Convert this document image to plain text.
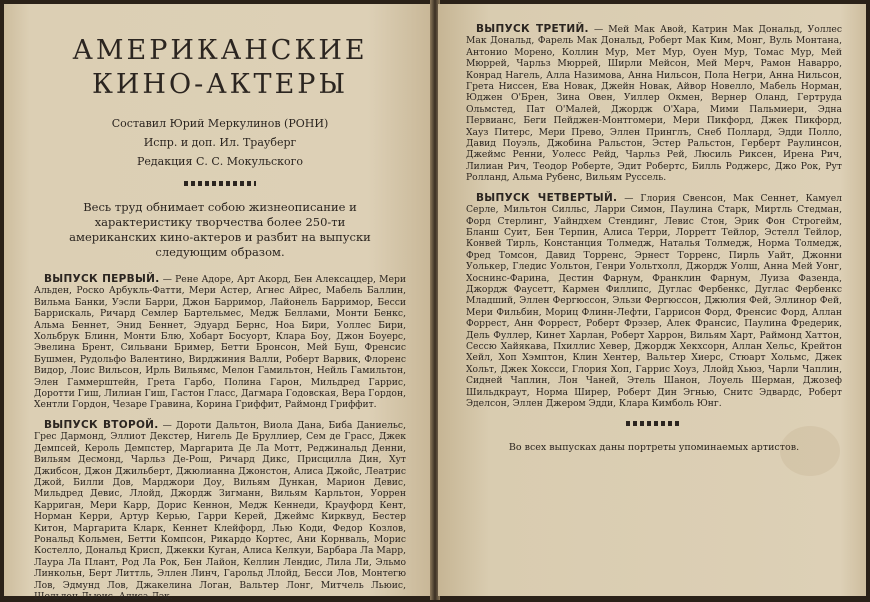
АМЕРИКАНСКИЕ
КИНО-АКТЕРЫ
Составил Юрий Меркулинов (РОНИ)
Испр. и доп. Ил. Трауберг
Редакция С. С. Мокульского
Весь труд обнимает собою жизнеописание и характеристику творчества более 250-ти американских кино-актеров и разбит на выпуски следующим образом.

ВЫПУСК ПЕРВЫЙ. — Рене Адоре, Арт Акорд, Бен Алексацдер, Мери Альден, Роско Арбукль-Фатти, Мери Астер, Агнес Айрес, Мабель Баллин, Вильма Банки, Уэсли Барри, Джон Барримор, Лайонель Барримор, Бесси Баррискаль, Ричард Семлер Бартельмес, Медж Беллами, Монти Бенкс, Альма Беннет, Энид Беннет, Эдуард Бернс, Ноа Бири, Уоллес Бири, Хольбрук Блинн, Монти Блю, Хобарт Босуорт, Клара Боу, Джон Боуерс, Эвелина Брент, Сильвани Бример, Бетти Бронсон, Мей Буш, Френсис Бушмен, Рудольфо Валентино, Вирджиния Валли, Роберт Варвик, Флоренс Видор, Лоис Вильсон, Ирль Вильямс, Мелон Гамильтон, Нейль Гамильтон, Элен Гаммерштейн, Грета Гарбо, Полина Гарон, Мильдред Гаррис, Доротти Гиш, Лилиан Гиш, Гастон Гласс, Дагмара Годовская, Вера Гордон, Хентли Гордон, Чезаре Гравина, Корина Гриффит, Раймонд Гриффит.

ВЫПУСК ВТОРОЙ. — Дороти Дальтон, Виола Дана, Биба Даниельс, Грес Дармонд, Эллиот Декстер, Нигель Де Бруллиер, Сем де Грасс, Джек Демпсей, Кероль Демпстер, Маргарита Де Ла Мотт, Реджинальд Денни, Вильям Десмонд, Чарльз Де-Рош, Ричард Дикс, Присцилла Дин, Хут Джибсон, Джон Джильберт, Джюлианна Джонстон, Алиса Джойс, Леатрис Джой, Билли Дов, Марджори Доу, Вильям Дункан, Марион Девис, Мильдред Девис, Ллойд, Джордж Зигманн, Вильям Карльтон, Уоррен Карриган, Мери Карр, Дорис Кеннон, Медж Кеннеди, Крауфорд Кент, Норман Керри, Артур Керью, Гарри Керей, Джеймс Кирквуд, Бестер Китон, Маргарита Кларк, Кеннет Клейфорд, Лью Коди, Федор Козлов, Рональд Кольмен, Бетти Компсон, Рикардо Кортес, Ани Корнваль, Морис Костелло, Дональд Крисп, Джекки Куган, Алиса Келкуи, Барбара Ла Марр, Лаура Ла Плант, Род Ла Рок, Бен Лайон, Келлин Лендис, Лила Ли, Эльмо Линкольн, Берт Литтль, Эллен Линч, Гарольд Ллойд, Бесси Лов, Монтегю Лов, Эдмунд Лов, Джакелина Логан, Вальтер Лонг, Митчель Льюис, Шельдон Льюис, Алиса Лэк.

ВЫПУСК ТРЕТИЙ. — Мей Мак Авой, Катрин Мак Дональд, Уоллес Мак Дональд, Фарель Мак Дональд, Роберт Мак Ким, Монг, Вуль Монтана, Антонио Морено, Коллин Мур, Мет Мур, Оуен Мур, Томас Мур, Мей Мюррей, Чарльз Мюррей, Ширли Мейсон, Мей Мерч, Рамон Наварро, Конрад Нагель, Алла Назимова, Анна Нильсон, Пола Негри, Анна Нильсон, Грета Ниссен, Ева Новак, Джейн Новак, Айвор Новелло, Мабель Норман, Юджен О'Брен, Зина Овен, Уиллер Окмен, Вернер Оланд, Гертруда Ольмстед, Пат О'Малей, Джордж О'Хара, Мими Пальмиери, Эдна Первианс, Беги Пейджен-Монтгомери, Мери Пикфорд, Джек Пикфорд, Хауз Питерс, Мери Прево, Эллен Принглъ, Снеб Поллард, Эдди Полло, Давид Поуэль, Джобина Ральстон, Эстер Ральстон, Герберт Раулинсон, Джеймс Ренни, Уолесс Рейд, Чарльз Рей, Люсиль Риксен, Ирена Рич, Лилиан Рич, Теодор Роберте, Эдит Робертс, Билль Роджерс, Джо Рок, Рут Ролланд, Альма Рубенс, Вильям Руссель.

ВЫПУСК ЧЕТВЕРТЫЙ. — Глория Свенсон, Мак Сеннет, Камуел Серле, Мильтон Силльс, Ларри Симон, Паулина Старк, Миртль Стедман, Форд Стерлинг, Уайндхем Стендинг, Левис Стон, Эрик Фон Строгейм, Бланш Суит, Бен Терпин, Алиса Терри, Лорретт Тейлор, Эстелл Тейлор, Конвей Тирль, Констанция Толмедж, Наталья Толмедж, Норма Толмедж, Фред Томсон, Давид Торренс, Эрнест Торренс, Пирль Уайт, Джонни Уолькер, Гледис Уольтон, Генри Уольтхолл, Джордж Уолш, Анна Мей Уонг, Хоснинс-Фарина, Дестин Фарнум, Франклин Фарнум, Луиза Фазенда, Джордж Фаусетт, Кармен Филлипс, Дуглас Фербенкс, Дуглас Фербенкс Младший, Эллен Фергюссон, Эльзи Фергюссон, Джюлия Фей, Эллинор Фей, Мери Фильбин, Мориц Флинн-Лефти, Гаррисон Форд, Френсис Форд, Аллан Форрест, Анн Форрест, Роберт Фрэзер, Алек Франсис, Паулина Фредерик, Дель Фуллер, Кинет Харлан, Роберт Харрон, Вильям Харт, Раймонд Хаттон, Сессю Хайякава, Пхиллис Хевер, Джордж Хекхсорн, Аллан Хельс, Крейтон Хейл, Хоп Хэмптон, Клин Хентер, Вальтер Хиерс, Стюарт Хольмс, Джек Хольт, Джек Хоксси, Глория Хоп, Гаррис Хоуз, Ллойд Хьюз, Чарли Чаплин, Сидней Чаплин, Лон Чаней, Этель Шанон, Лоуель Шерман, Джозеф Шильдкраут, Норма Ширер, Роберт Дин Эгнью, Снитс Эдвардс, Роберт Эделсон, Эллен Джером Эдди, Клара Кимболь Юнг.

Во всех выпусках даны портреты упоминаемых артистов.
